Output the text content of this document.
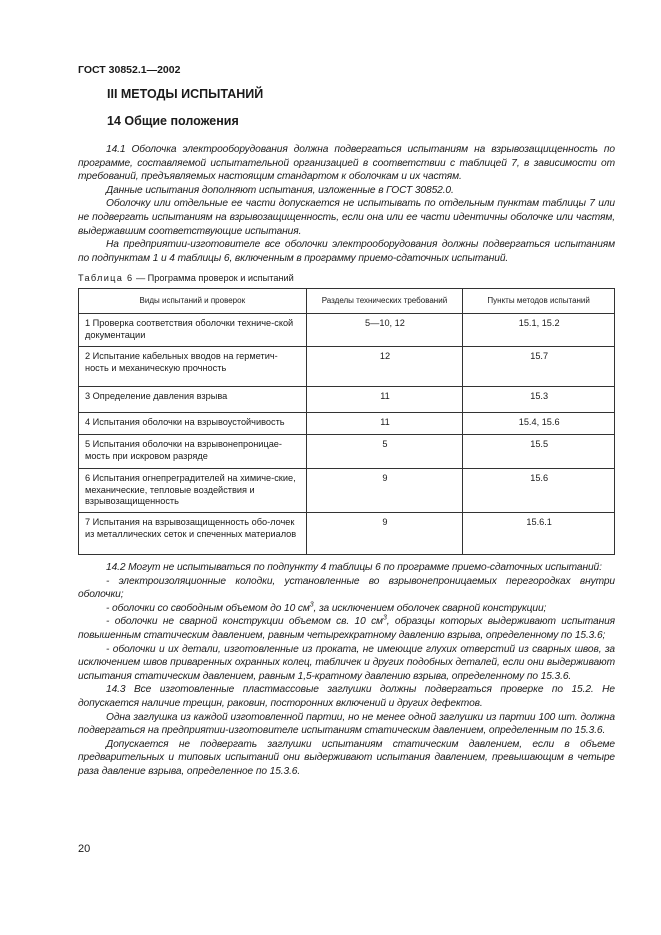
ГОСТ 30852.1—2002
III МЕТОДЫ ИСПЫТАНИЙ
14 Общие положения

14.1 Оболочка электрооборудования должна подвергаться испытаниям на взрывозащищенность по программе, составляемой испытательной организацией в соответствии с таблицей 7, в зависимости от требований, предъявляемых настоящим стандартом к оболочкам и их частям.

Данные испытания дополняют испытания, изложенные в ГОСТ 30852.0.

Оболочку или отдельные ее части допускается не испытывать по отдельным пунктам таблицы 7 или не подвергать испытаниям на взрывозащищенность, если она или ее части идентичны оболочке или частям, выдержавшим соответствующие испытания.

На предприятии-изготовителе все оболочки электрооборудования должны подвергаться испытаниям по подпунктам 1 и 4 таблицы 6, включенным в программу приемо-сдаточных испытаний.

Таблица 6 — Программа проверок и испытаний
Виды испытаний и проверок	Разделы технических требований	Пункты методов испытаний
1 Проверка соответствия оболочки техниче-ской документации	5—10, 12	15.1, 15.2
2 Испытание кабельных вводов на герметич-ность и механическую прочность	12	15.7
3 Определение давления взрыва	11	15.3
4 Испытания оболочки на взрывоустойчивость	11	15.4, 15.6
5 Испытания оболочки на взрывонепроницае-мость при искровом разряде	5	15.5
6 Испытания огнепреградителей на химиче-ские, механические, тепловые воздействия и взрывозащищенность	9	15.6
7 Испытания на взрывозащищенность обо-лочек из металлических сеток и спеченных материалов	9	15.6.1

14.2 Могут не испытываться по подпункту 4 таблицы 6 по программе приемо-сдаточных испытаний:

- электроизоляционные колодки, установленные во взрывонепроницаемых перегородках внутри оболочки;

- оболочки со свободным объемом до 10 $см^3$, за исключением оболочек сварной конструкции;

- оболочки не сварной конструкции объемом св. 10 $см^3$, образцы которых выдерживают испытания повышенным статическим давлением, равным четырехкратному давлению взрыва, определенному по 15.3.6;

- оболочки и их детали, изготовленные из проката, не имеющие глухих отверстий из сварных швов, за исключением швов приваренных охранных колец, табличек и других подобных деталей, если они выдерживают испытания статическим давлением, равным 1,5-кратному давлению взрыва, определенному по 15.3.6.

14.3 Все изготовленные пластмассовые заглушки должны подвергаться проверке по 15.2. Не допускается наличие трещин, раковин, посторонних включений и других дефектов.

Одна заглушка из каждой изготовленной партии, но не менее одной заглушки из партии 100 шт. должна подвергаться на предприятии-изготовителе испытаниям статическим давлением, определенным по 15.3.6.

Допускается не подвергать заглушки испытаниям статическим давлением, если в объеме предварительных и типовых испытаний они выдерживают испытания давлением, превышающим в четыре раза давление взрыва, определенное по 15.3.6.

20
